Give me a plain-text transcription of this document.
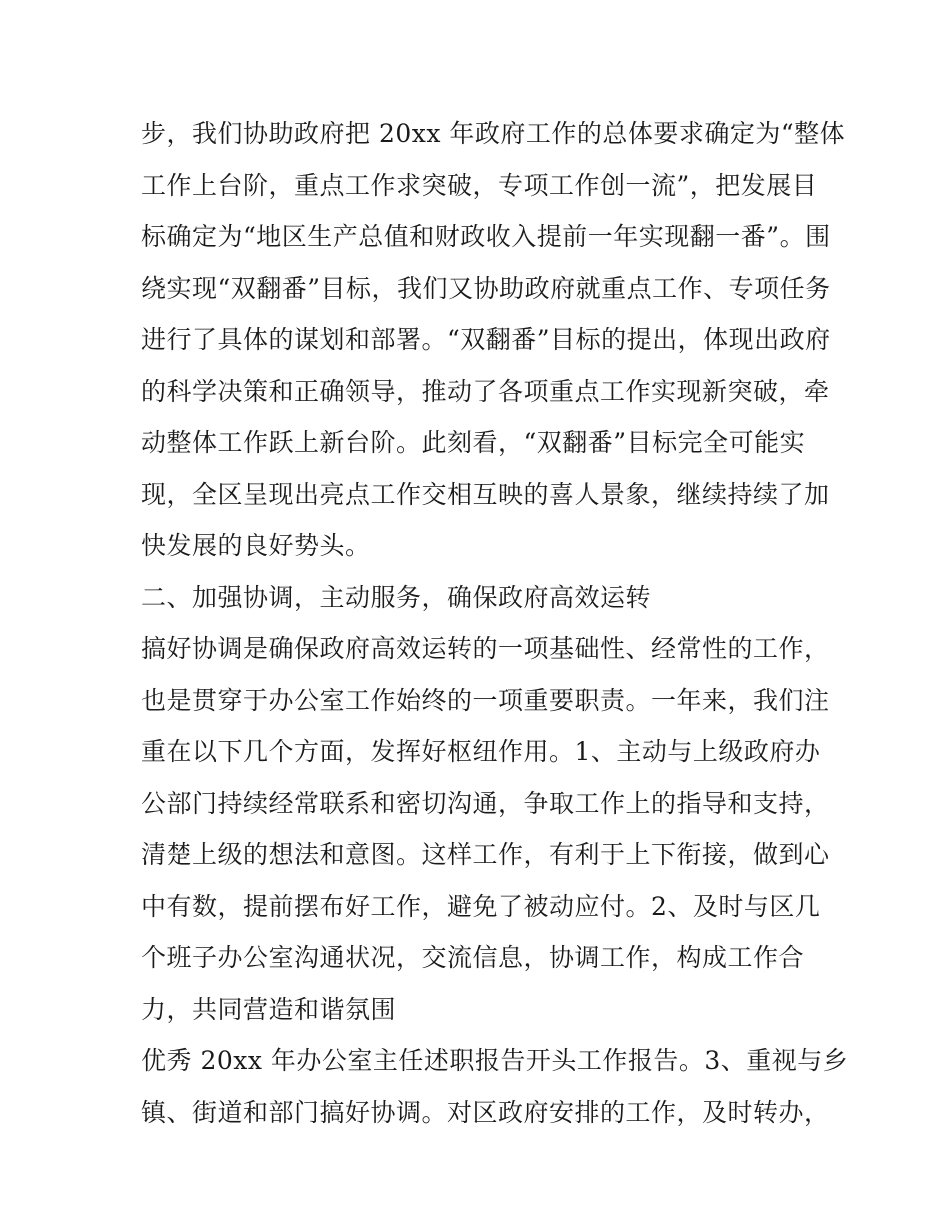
步，我们协助政府把 20xx 年政府工作的总体要求确定为“整体
工作上台阶，重点工作求突破，专项工作创一流”，把发展目
标确定为“地区生产总值和财政收入提前一年实现翻一番”。围
绕实现“双翻番”目标，我们又协助政府就重点工作、专项任务
进行了具体的谋划和部署。“双翻番”目标的提出，体现出政府
的科学决策和正确领导，推动了各项重点工作实现新突破，牵
动整体工作跃上新台阶。此刻看，“双翻番”目标完全可能实
现，全区呈现出亮点工作交相互映的喜人景象，继续持续了加
快发展的良好势头。
二、加强协调，主动服务，确保政府高效运转
搞好协调是确保政府高效运转的一项基础性、经常性的工作，
也是贯穿于办公室工作始终的一项重要职责。一年来，我们注
重在以下几个方面，发挥好枢纽作用。1、主动与上级政府办
公部门持续经常联系和密切沟通，争取工作上的指导和支持，
清楚上级的想法和意图。这样工作，有利于上下衔接，做到心
中有数，提前摆布好工作，避免了被动应付。2、及时与区几
个班子办公室沟通状况，交流信息，协调工作，构成工作合
力，共同营造和谐氛围
优秀 20xx 年办公室主任述职报告开头工作报告。3、重视与乡
镇、街道和部门搞好协调。对区政府安排的工作，及时转办，
